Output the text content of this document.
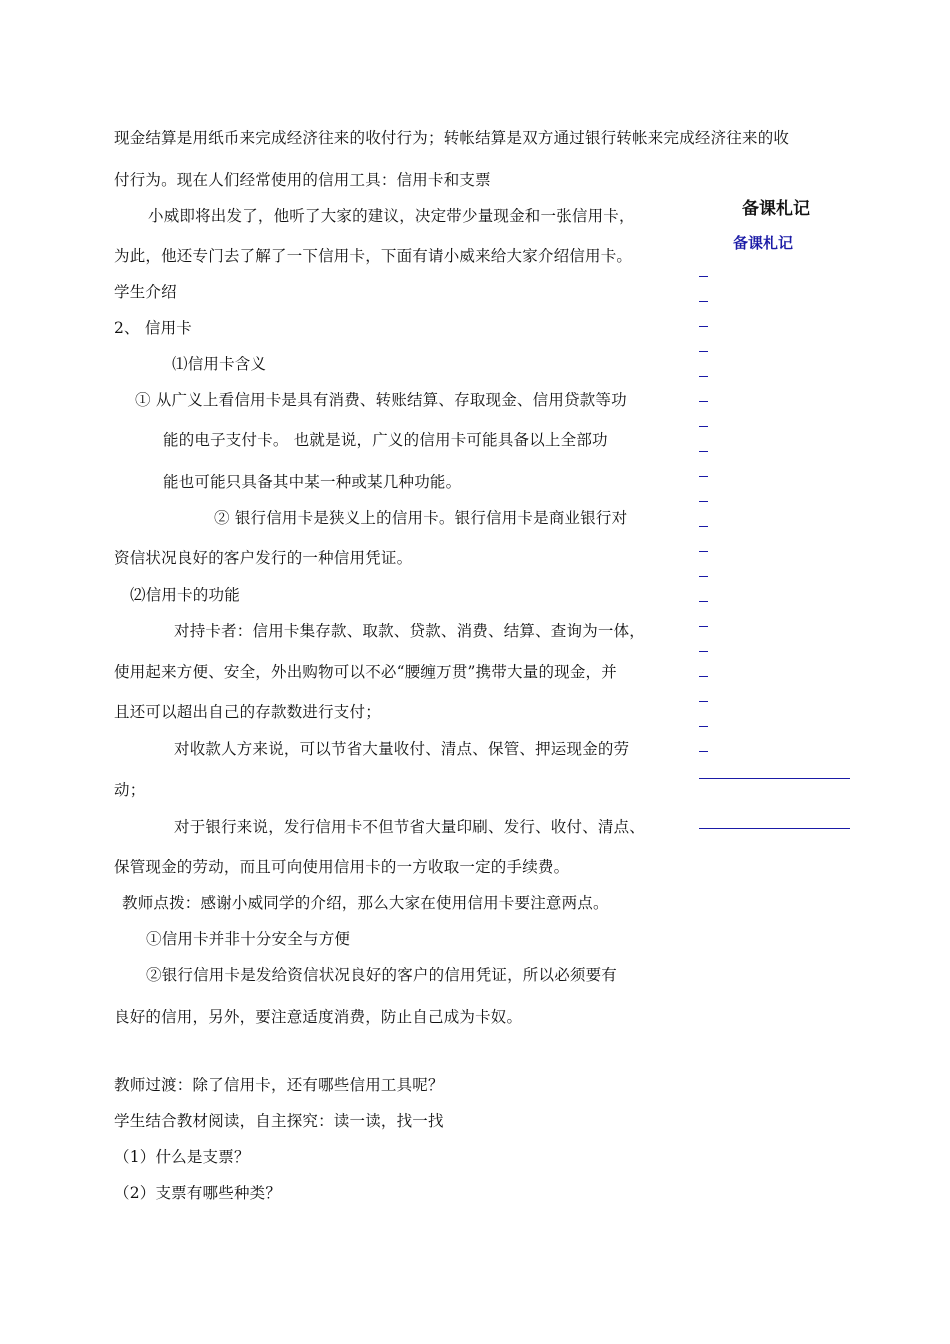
现金结算是用纸币来完成经济往来的收付行为；转帐结算是双方通过银行转帐来完成经济往来的收
付行为。现在人们经常使用的信用工具：信用卡和支票
小威即将出发了，他听了大家的建议，决定带少量现金和一张信用卡，
为此，他还专门去了解了一下信用卡，下面有请小威来给大家介绍信用卡。
学生介绍
2、 信用卡
⑴信用卡含义
① 从广义上看信用卡是具有消费、转账结算、存取现金、信用贷款等功
能的电子支付卡。 也就是说，广义的信用卡可能具备以上全部功
能也可能只具备其中某一种或某几种功能。
② 银行信用卡是狭义上的信用卡。银行信用卡是商业银行对
资信状况良好的客户发行的一种信用凭证。
⑵信用卡的功能
对持卡者：信用卡集存款、取款、贷款、消费、结算、查询为一体，
使用起来方便、安全，外出购物可以不必“腰缠万贯”携带大量的现金，并
且还可以超出自己的存款数进行支付；
对收款人方来说，可以节省大量收付、清点、保管、押运现金的劳
动；
对于银行来说，发行信用卡不但节省大量印刷、发行、收付、清点、
保管现金的劳动，而且可向使用信用卡的一方收取一定的手续费。
教师点拨：感谢小威同学的介绍，那么大家在使用信用卡要注意两点。
①信用卡并非十分安全与方便
②银行信用卡是发给资信状况良好的客户的信用凭证，所以必须要有
良好的信用，另外，要注意适度消费，防止自己成为卡奴。
教师过渡：除了信用卡，还有哪些信用工具呢？
学生结合教材阅读，自主探究：读一读，找一找
（1）什么是支票？
（2）支票有哪些种类？
备课札记
备课札记
